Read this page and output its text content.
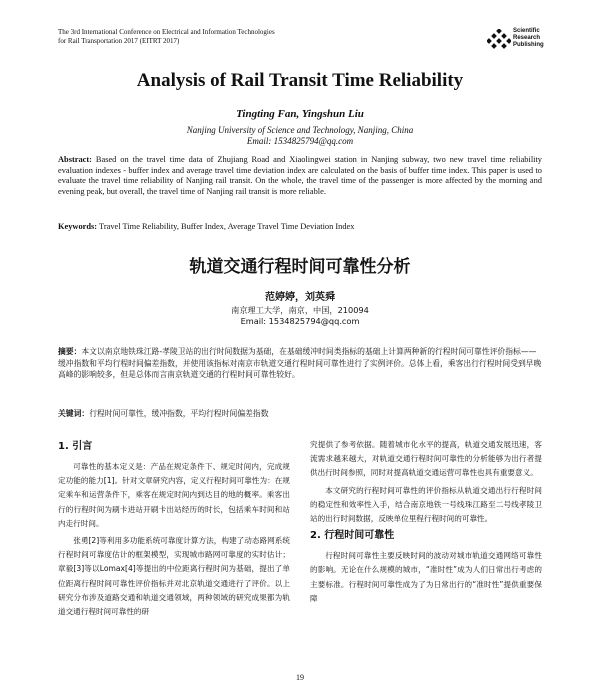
The 3rd International Conference on Electrical and Information Technologies
for Rail Transportation 2017 (EITRT 2017)
Scientific
Research
Publishing
Analysis of Rail Transit Time Reliability
Tingting Fan, Yingshun Liu
Nanjing University of Science and Technology, Nanjing, China
Email: 1534825794@qq.com
Abstract: Based on the travel time data of Zhujiang Road and Xiaolingwei station in Nanjing subway, two new travel time reliability evaluation indexes - buffer index and average travel time deviation index are calculated on the basis of buffer time index. This paper is used to evaluate the travel time reliability of Nanjing rail transit. On the whole, the travel time of the passenger is more affected by the morning and evening peak, but overall, the travel time of Nanjing rail transit is more reliable.
Keywords: Travel Time Reliability, Buffer Index, Average Travel Time Deviation Index
轨道交通行程时间可靠性分析
范婷婷，刘英舜
南京理工大学，南京，中国，210094
Email: 1534825794@qq.com
摘要：本文以南京地铁珠江路-孝陵卫站的出行时间数据为基础，在基础缓冲时间类指标的基础上计算两种新的行程时间可靠性评价指标——缓冲指数和平均行程时间偏差指数，并使用该指标对南京市轨道交通行程时间可靠性进行了实例评价。总体上看，乘客出行行程时间受到早晚高峰的影响较多，但是总体而言南京轨道交通的行程时间可靠性较好。
关键词：行程时间可靠性，缓冲指数，平均行程时间偏差指数
1. 引言

可靠性的基本定义是：产品在规定条件下、规定时间内，完成规定功能的能力[1]。针对文章研究内容，定义行程时间可靠性为：在规定乘车和运营条件下，乘客在规定时间内到达目的地的概率。乘客出行的行程时间为刷卡进站开刷卡出站经历的时长，包括乘车时间和站内走行时间。

张勇[2]等利用多功能系统可靠度计算方法，构建了动态路网系统行程时间可靠度估计的框架模型，实现城市路网可靠度的实时估计；章毅[3]等以Lomax[4]等提出的中位距离行程时间为基础，提出了单位距离行程时间可靠性评价指标并对北京轨道交通进行了评价。以上研究分布涉及道路交通和轨道交通领域，两种领域的研究成果都为轨道交通行程时间可靠性的研

究提供了参考依据。随着城市化水平的提高，轨道交通发展迅速，客流需求越来越大，对轨道交通行程时间可靠性的分析能够为出行者提供出行时间参照，同时对提高轨道交通运营可靠性也具有重要意义。

本文研究的行程时间可靠性的评价指标从轨道交通出行行程时间的稳定性和效率性入手，结合南京地铁一号线珠江路至二号线孝陵卫站的出行时间数据，反映单位里程行程时间的可靠性。

2. 行程时间可靠性

行程时间可靠性主要反映时间的波动对城市轨道交通网络可靠性的影响。无论在什么规模的城市，“准时性”成为人们日常出行考虑的主要标准。行程时间可靠性成为了为日常出行的“准时性”提供重要保障

19
